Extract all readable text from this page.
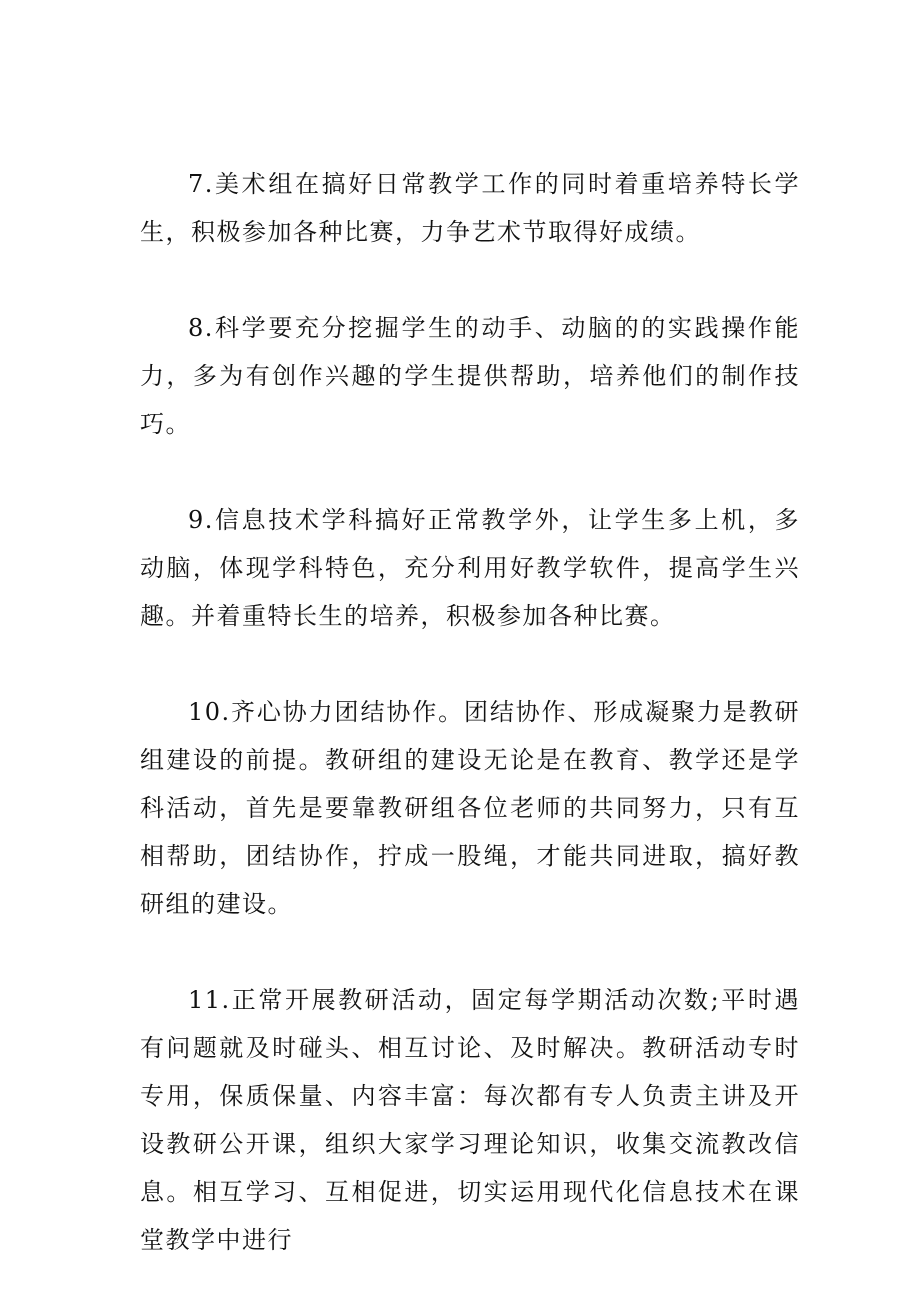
7.美术组在搞好日常教学工作的同时着重培养特长学生，积极参加各种比赛，力争艺术节取得好成绩。

8.科学要充分挖掘学生的动手、动脑的的实践操作能力，多为有创作兴趣的学生提供帮助，培养他们的制作技巧。

9.信息技术学科搞好正常教学外，让学生多上机，多动脑，体现学科特色，充分利用好教学软件，提高学生兴趣。并着重特长生的培养，积极参加各种比赛。

10.齐心协力团结协作。团结协作、形成凝聚力是教研组建设的前提。教研组的建设无论是在教育、教学还是学科活动，首先是要靠教研组各位老师的共同努力，只有互相帮助，团结协作，拧成一股绳，才能共同进取，搞好教研组的建设。

11.正常开展教研活动，固定每学期活动次数;平时遇有问题就及时碰头、相互讨论、及时解决。教研活动专时专用，保质保量、内容丰富：每次都有专人负责主讲及开设教研公开课，组织大家学习理论知识，收集交流教改信息。相互学习、互相促进，切实运用现代化信息技术在课堂教学中进行
